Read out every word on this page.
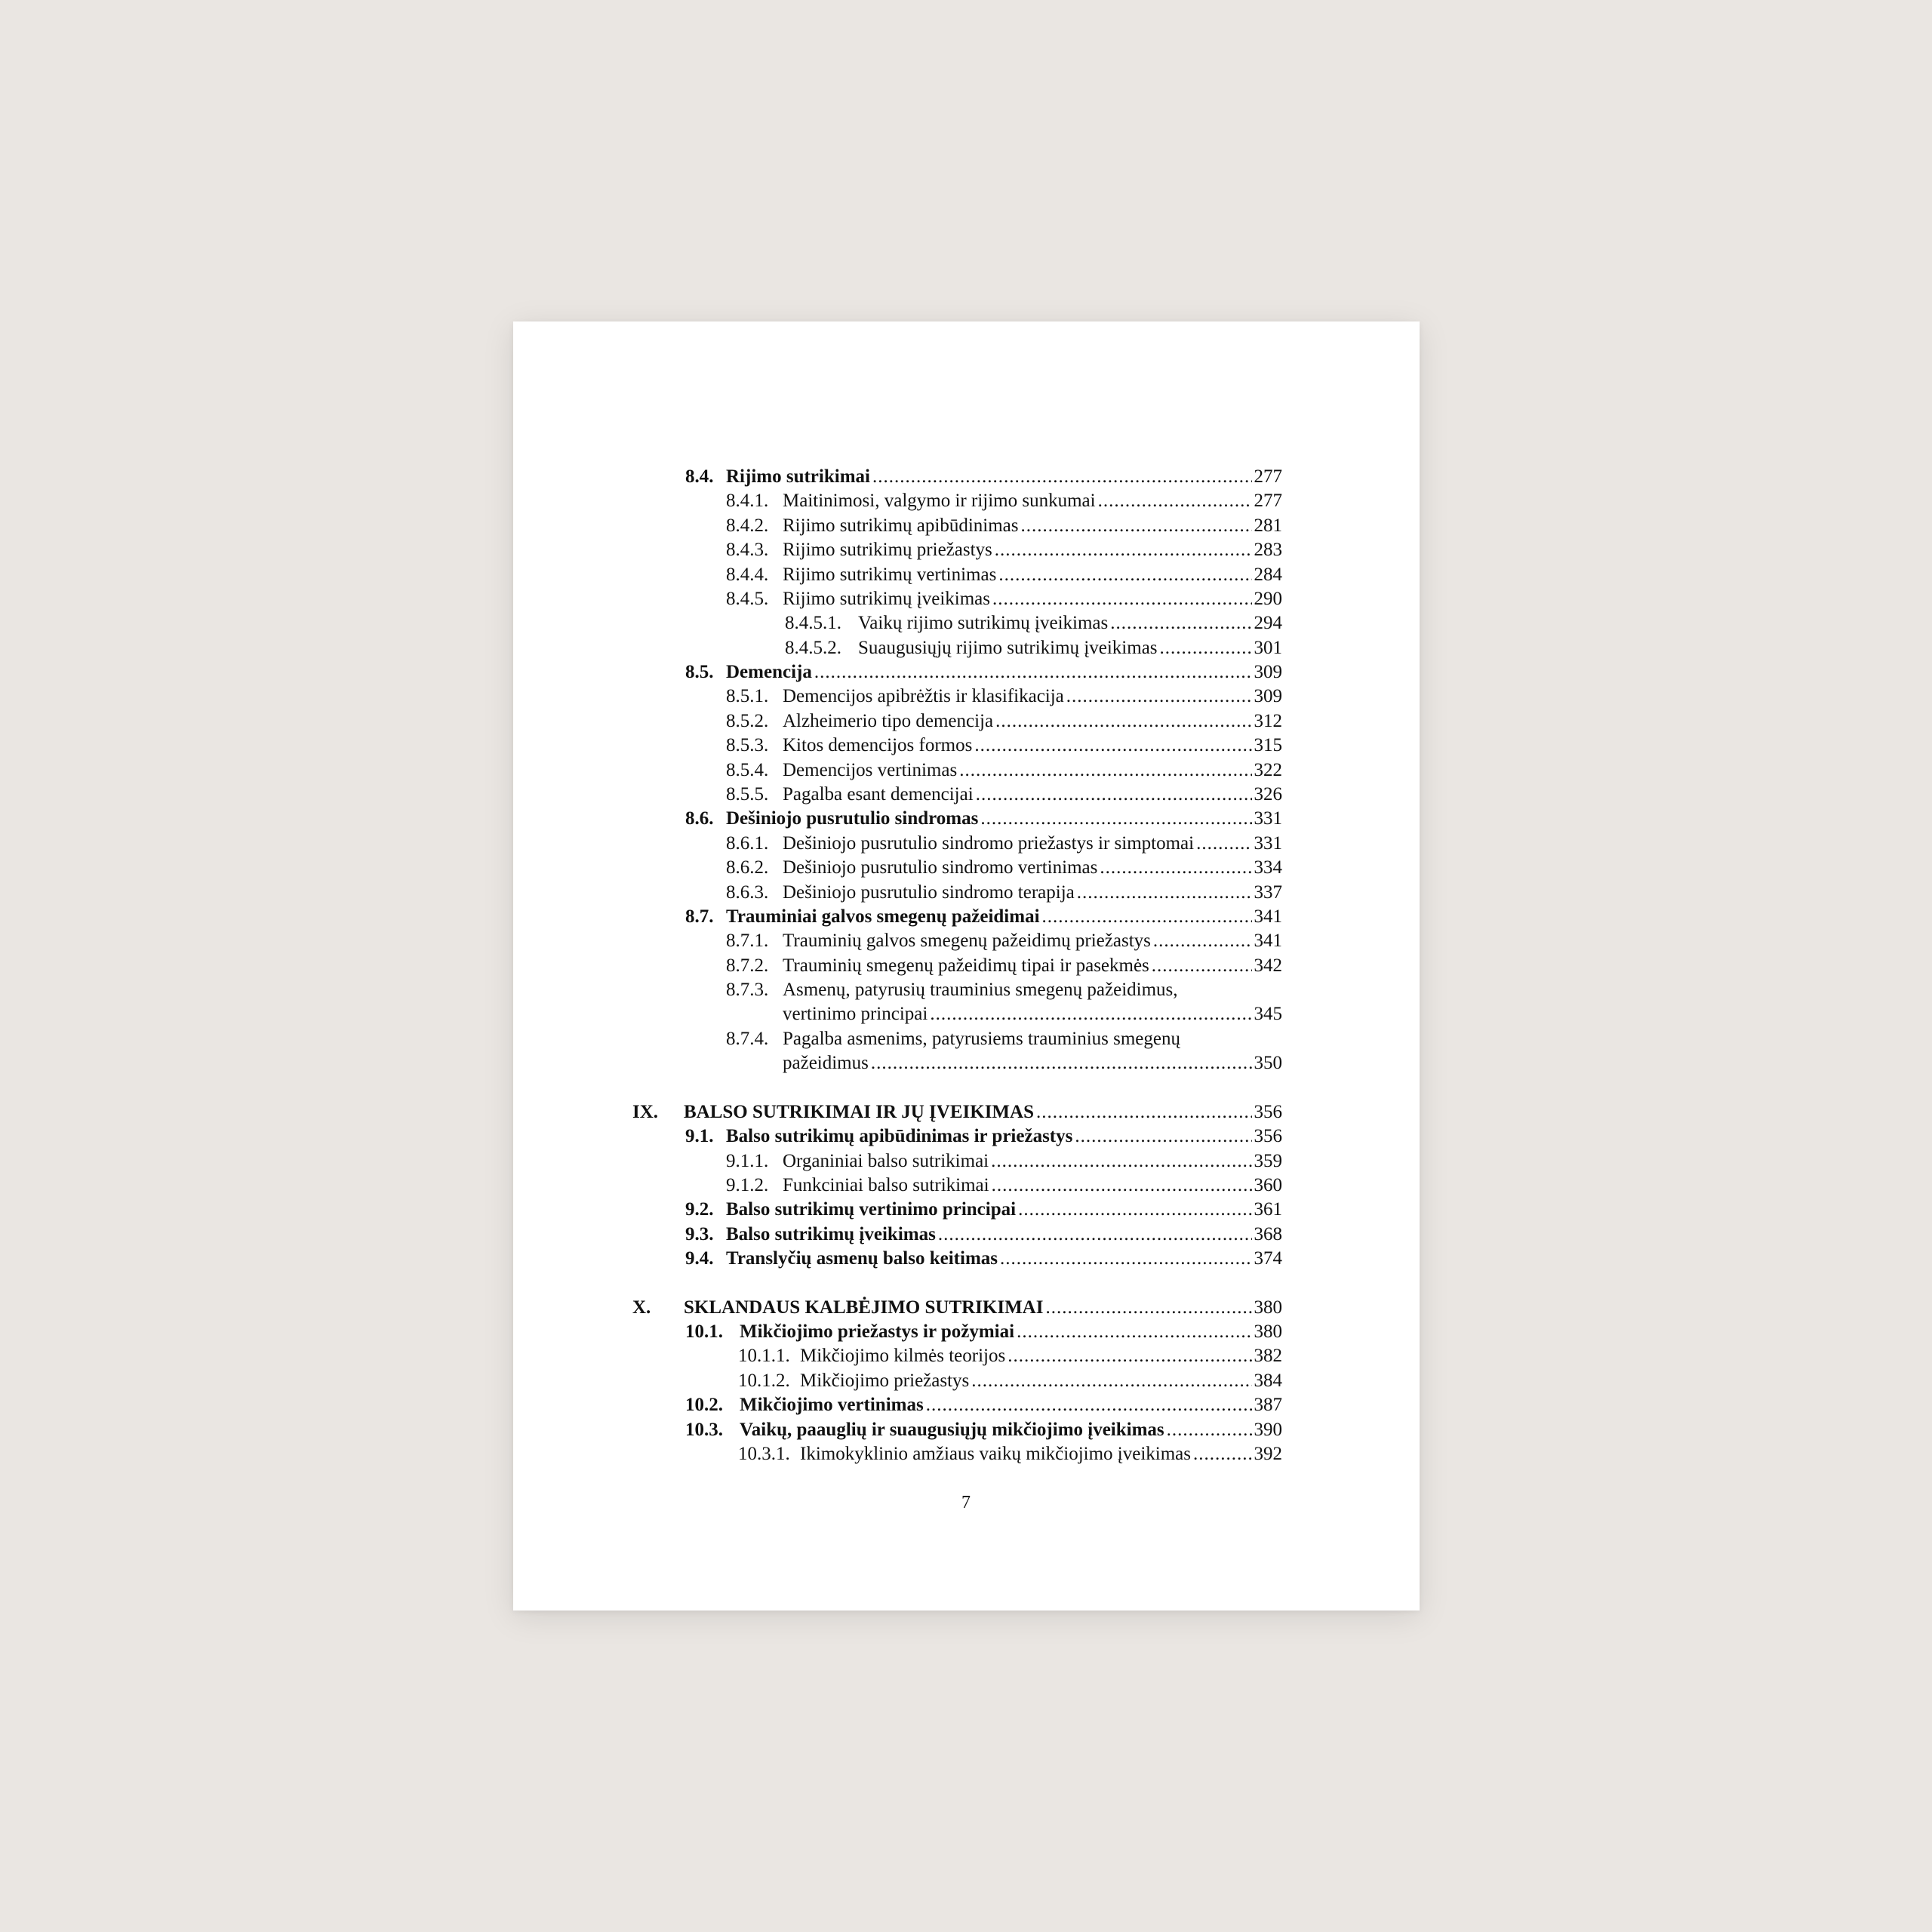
8.4. Rijimo sutrikimai .....	277
8.4.1. Maitinimosi, valgymo ir rijimo sunkumai .....	277
8.4.2. Rijimo sutrikimų apibūdinimas .....	281
8.4.3. Rijimo sutrikimų priežastys .....	283
8.4.4. Rijimo sutrikimų vertinimas .....	284
8.4.5. Rijimo sutrikimų įveikimas .....	290
8.4.5.1. Vaikų rijimo sutrikimų įveikimas .....	294
8.4.5.2. Suaugusiųjų rijimo sutrikimų įveikimas .....	301
8.5. Demencija .....	309
8.5.1. Demencijos apibrėžtis ir klasifikacija .....	309
8.5.2. Alzheimerio tipo demencija .....	312
8.5.3. Kitos demencijos formos .....	315
8.5.4. Demencijos vertinimas .....	322
8.5.5. Pagalba esant demencijai .....	326
8.6. Dešiniojo pusrutulio sindromas .....	331
8.6.1. Dešiniojo pusrutulio sindromo priežastys ir simptomai .....	331
8.6.2. Dešiniojo pusrutulio sindromo vertinimas .....	334
8.6.3. Dešiniojo pusrutulio sindromo terapija .....	337
8.7. Trauminiai galvos smegenų pažeidimai .....	341
8.7.1. Trauminių galvos smegenų pažeidimų priežastys .....	341
8.7.2. Trauminių smegenų pažeidimų tipai ir pasekmės .....	342
8.7.3. Asmenų, patyrusių trauminius smegenų pažeidimus,
vertinimo principai .....	345
8.7.4. Pagalba asmenims, patyrusiems trauminius smegenų
pažeidimus .....	350
IX.	BALSO SUTRIKIMAI IR JŲ ĮVEIKIMAS .....	356
9.1. Balso sutrikimų apibūdinimas ir priežastys .....	356
9.1.1. Organiniai balso sutrikimai .....	359
9.1.2. Funkciniai balso sutrikimai .....	360
9.2. Balso sutrikimų vertinimo principai .....	361
9.3. Balso sutrikimų įveikimas .....	368
9.4. Translyčių asmenų balso keitimas .....	374
X.	SKLANDAUS KALBĖJIMO SUTRIKIMAI .....	380
10.1. Mikčiojimo priežastys ir požymiai .....	380
10.1.1. Mikčiojimo kilmės teorijos .....	382
10.1.2. Mikčiojimo priežastys .....	384
10.2. Mikčiojimo vertinimas .....	387
10.3. Vaikų, paauglių ir suaugusiųjų mikčiojimo įveikimas .....	390
10.3.1. Ikimokyklinio amžiaus vaikų mikčiojimo įveikimas .....	392
7
